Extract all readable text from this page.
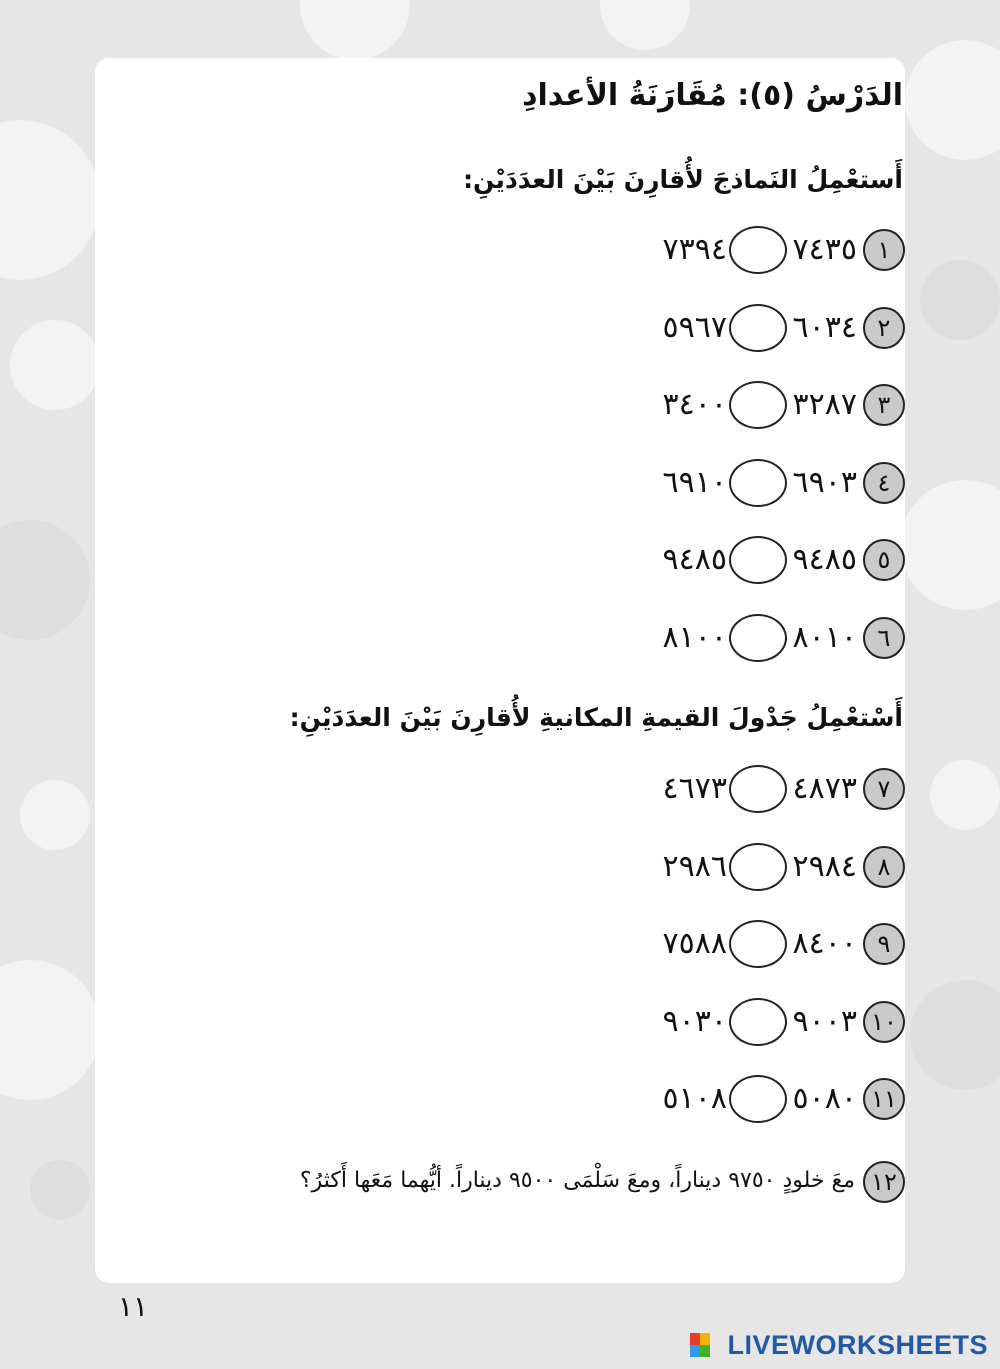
الدَرْسُ (٥): مُقَارَنَةُ الأعدادِ
أَستعْمِلُ النَماذجَ لأُقارِنَ بَيْنَ العدَدَيْنِ:
١
٧٤٣٥
٧٣٩٤
٢
٦٠٣٤
٥٩٦٧
٣
٣٢٨٧
٣٤٠٠
٤
٦٩٠٣
٦٩١٠
٥
٩٤٨٥
٩٤٨٥
٦
٨٠١٠
٨١٠٠
أَسْتعْمِلُ جَدْولَ القيمةِ المكانيةِ لأُقارِنَ بَيْنَ العدَدَيْنِ:
٧
٤٨٧٣
٤٦٧٣
٨
٢٩٨٤
٢٩٨٦
٩
٨٤٠٠
٧٥٨٨
١٠
٩٠٠٣
٩٠٣٠
١١
٥٠٨٠
٥١٠٨
١٢
معَ خلودٍ ٩٧٥٠ ديناراً، ومعَ سَلْمَى ٩٥٠٠ ديناراً. أيُّهما مَعَها أَكثرُ؟
١١
LIVEWORKSHEETS
